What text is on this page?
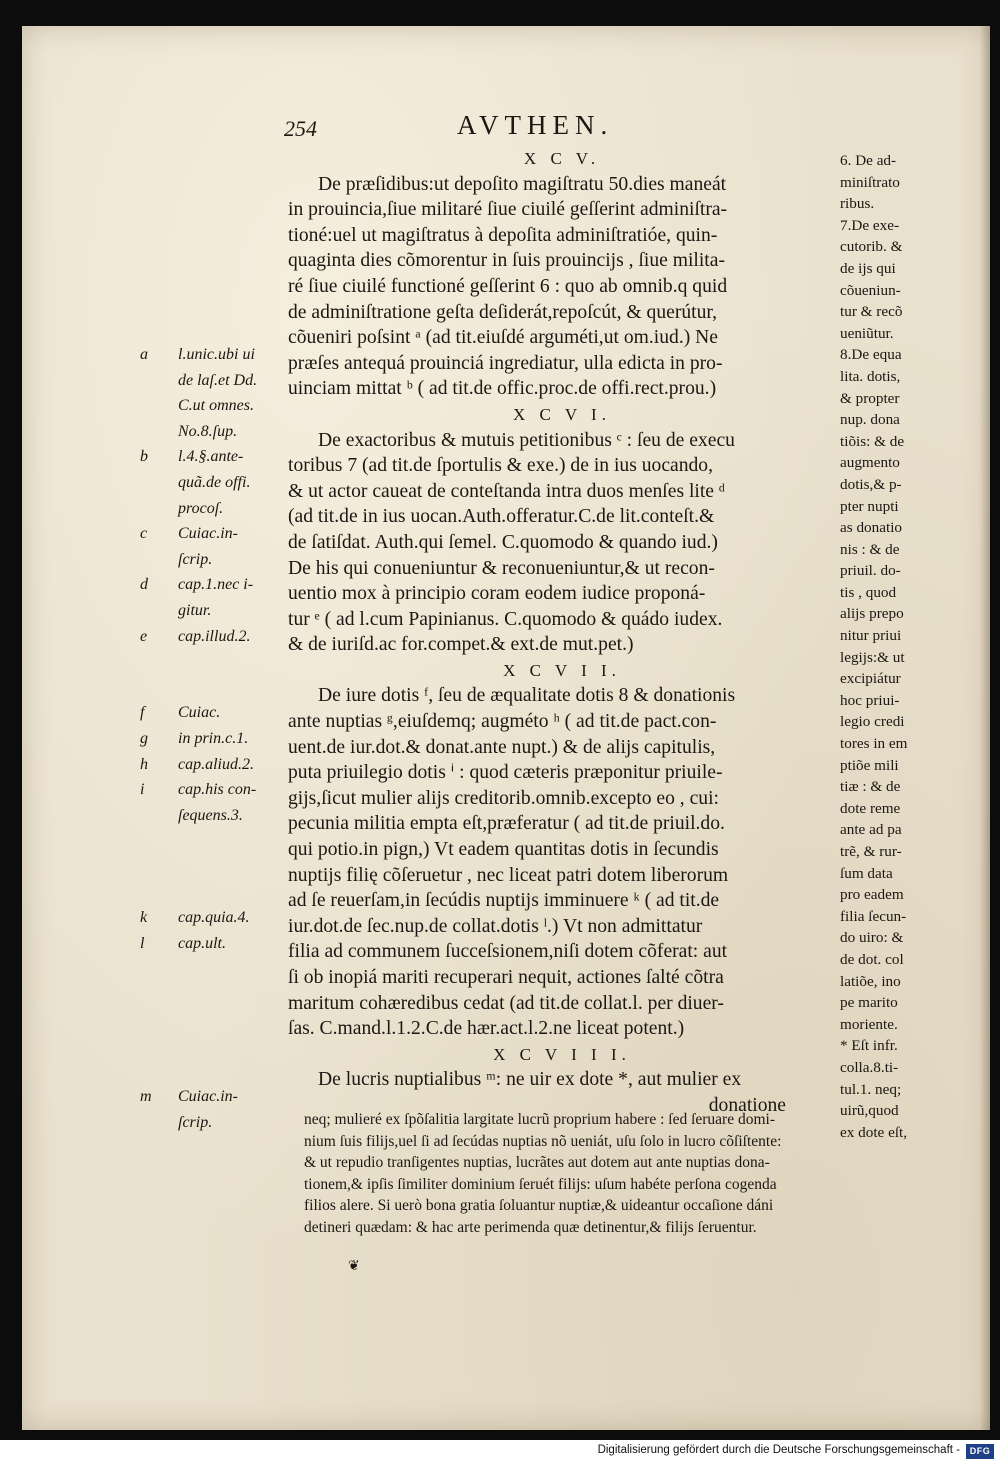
254	AVTHEN.
X C V.
De præſidibus:ut depoſito magiſtratu 50.dies maneát
in prouincia,ſiue militaré ſiue ciuilé geſſerint adminiſtra-
tioné:uel ut magiſtratus à depoſita adminiſtratióe, quin-
quaginta dies cõmorentur in ſuis prouincijs , ſiue milita-
ré ſiue ciuilé functioné geſſerint 6 : quo ab omnib.q quid
de adminiſtratione geſta deſiderát,repoſcút, & querútur,
cõueniri poſsint ᵃ (ad tit.eiuſdé arguméti,ut om.iud.) Ne
præſes antequá prouinciá ingrediatur, ulla edicta in pro-
uinciam mittat ᵇ ( ad tit.de offic.proc.de offi.rect.prou.)
X C V I.
De exactoribus & mutuis petitionibus ᶜ : ſeu de execu
toribus 7 (ad tit.de ſportulis & exe.) de in ius uocando,
& ut actor caueat de conteſtanda intra duos menſes lite ᵈ
(ad tit.de in ius uocan.Auth.offeratur.C.de lit.conteſt.&
de ſatiſdat. Auth.qui ſemel. C.quomodo & quando iud.)
De his qui conueniuntur & reconueniuntur,& ut recon-
uentio mox à principio coram eodem iudice proponá-
tur ᵉ ( ad l.cum Papinianus. C.quomodo & quádo iudex.
& de iuriſd.ac for.compet.& ext.de mut.pet.)
X C V I I.
De iure dotis ᶠ, ſeu de æqualitate dotis 8 & donationis
ante nuptias ᵍ,eiuſdemq; augméto ʰ ( ad tit.de pact.con-
uent.de iur.dot.& donat.ante nupt.) & de alijs capitulis,
puta priuilegio dotis ⁱ : quod cæteris præponitur priuile-
gijs,ſicut mulier alijs creditorib.omnib.excepto eo , cui:
pecunia militia empta eſt,præferatur ( ad tit.de priuil.do.
qui potio.in pign,) Vt eadem quantitas dotis in ſecundis
nuptijs filię cõſeruetur , nec liceat patri dotem liberorum
ad ſe reuerſam,in ſecúdis nuptijs imminuere ᵏ ( ad tit.de
iur.dot.de ſec.nup.de collat.dotis ˡ.) Vt non admittatur
filia ad communem ſucceſsionem,niſi dotem cõferat: aut
ſi ob inopiá mariti recuperari nequit, actiones ſalté cõtra
maritum cohæredibus cedat (ad tit.de collat.l. per diuer-
ſas. C.mand.l.1.2.C.de hær.act.l.2.ne liceat potent.)
X C V I I I.
De lucris nuptialibus ᵐ: ne uir ex dote *, aut mulier ex
donatione
a	l.unic.ubi ui
de laſ.et Dd.
C.ut omnes.
No.8.ſup.
b	l.4.§.ante-
quã.de offi.
procoſ.
c	Cuiac.in-
ſcrip.
d	cap.1.nec i-
gitur.
e	cap.illud.2.
f	Cuiac.
g	in prin.c.1.
h	cap.aliud.2.
i	cap.his con-
ſequens.3.
k	cap.quia.4.
l	cap.ult.
m	Cuiac.in-
ſcrip.
6. De ad-
miniſtrato
ribus.
7.De exe-
cutorib. &
de ijs qui
cõueniun-
tur & recõ
ueniũtur.
8.De equa
lita. dotis,
& propter
nup. dona
tiõis: & de
augmento
dotis,& p-
pter nupti
as donatio
nis : & de
priuil. do-
tis , quod
alijs prepo
nitur priui
legijs:& ut
excipiátur
hoc priui-
legio credi
tores in em
ptiõe mili
tiæ : & de
dote reme
ante ad pa
trẽ, & rur-
ſum data
pro eadem
filia ſecun-
do uiro: &
de dot. col
latiõe, ino
pe marito
moriente.
* Eſt infr.
colla.8.ti-
tul.1. neq;
uirũ,quod
ex dote eſt,
neq; mulieré ex ſpõſalitia largitate lucrũ proprium habere : ſed ſeruare domi-
nium ſuis filijs,uel ſi ad ſecúdas nuptias nõ ueniát, uſu ſolo in lucro cõſiſtente:
& ut repudio tranſigentes nuptias, lucrãtes aut dotem aut ante nuptias dona-
tionem,& ipſis ſimiliter dominium ſeruét filijs: uſum habéte perſona cogenda
filios alere. Si uerò bona gratia ſoluantur nuptiæ,& uideantur occaſione dáni
detineri quædam: & hac arte perimenda quæ detinentur,& filijs ſeruentur.
❦
Digitalisierung gefördert durch die Deutsche Forschungsgemeinschaft -	DFG
